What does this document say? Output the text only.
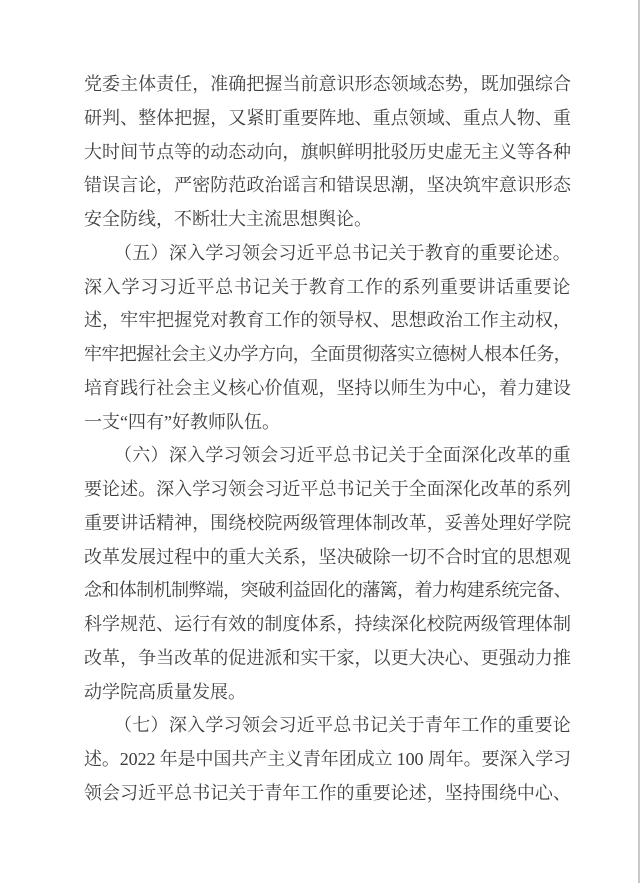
党委主体责任，准确把握当前意识形态领域态势，既加强综合
研判、整体把握，又紧盯重要阵地、重点领域、重点人物、重
大时间节点等的动态动向，旗帜鲜明批驳历史虚无主义等各种
错误言论，严密防范政治谣言和错误思潮，坚决筑牢意识形态
安全防线，不断壮大主流思想舆论。
（五）深入学习领会习近平总书记关于教育的重要论述。
深入学习习近平总书记关于教育工作的系列重要讲话重要论
述，牢牢把握党对教育工作的领导权、思想政治工作主动权，
牢牢把握社会主义办学方向，全面贯彻落实立德树人根本任务，
培育践行社会主义核心价值观，坚持以师生为中心，着力建设
一支“四有”好教师队伍。
（六）深入学习领会习近平总书记关于全面深化改革的重
要论述。深入学习领会习近平总书记关于全面深化改革的系列
重要讲话精神，围绕校院两级管理体制改革，妥善处理好学院
改革发展过程中的重大关系，坚决破除一切不合时宜的思想观
念和体制机制弊端，突破利益固化的藩篱，着力构建系统完备、
科学规范、运行有效的制度体系，持续深化校院两级管理体制
改革，争当改革的促进派和实干家，以更大决心、更强动力推
动学院高质量发展。
（七）深入学习领会习近平总书记关于青年工作的重要论
述。2022 年是中国共产主义青年团成立 100 周年。要深入学习
领会习近平总书记关于青年工作的重要论述，坚持围绕中心、
